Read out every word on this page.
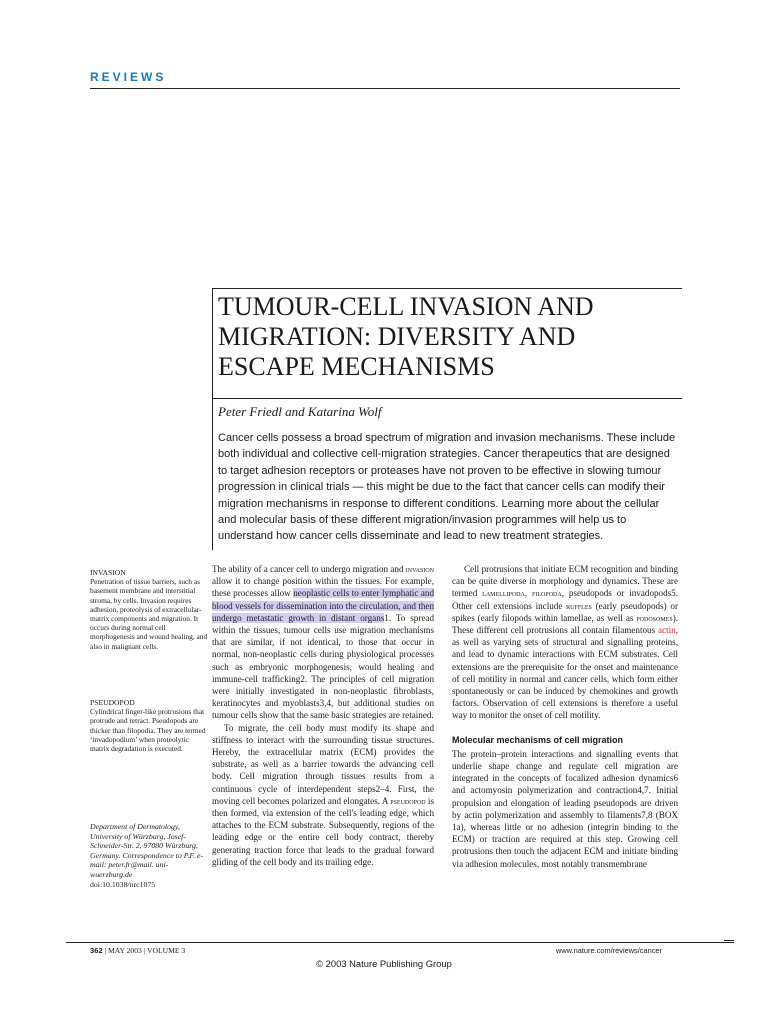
REVIEWS
TUMOUR-CELL INVASION AND MIGRATION: DIVERSITY AND ESCAPE MECHANISMS
Peter Friedl and Katarina Wolf
Cancer cells possess a broad spectrum of migration and invasion mechanisms. These include both individual and collective cell-migration strategies. Cancer therapeutics that are designed to target adhesion receptors or proteases have not proven to be effective in slowing tumour progression in clinical trials — this might be due to the fact that cancer cells can modify their migration mechanisms in response to different conditions. Learning more about the cellular and molecular basis of these different migration/invasion programmes will help us to understand how cancer cells disseminate and lead to new treatment strategies.
INVASION
Penetration of tissue barriers, such as basement membrane and interstitial stroma, by cells. Invasion requires adhesion, proteolysis of extracellular-matrix components and migration. It occurs during normal cell morphogenesis and wound healing, and also in malignant cells.
PSEUDOPOD
Cylindrical finger-like protrusions that protrude and retract. Pseudopods are thicker than filopodia. They are termed ‘invadopodium’ when proteolytic matrix degradation is executed.
Department of Dermatology, University of Würzburg, Josef-Schneider-Str. 2, 97080 Würzburg, Germany. Correspondence to P.F. e-mail: peter.fr@mail. uni-wuerzburg.de
doi:10.1038/nrc1075

The ability of a cancer cell to undergo migration and invasion allow it to change position within the tissues. For example, these processes allow neoplastic cells to enter lymphatic and blood vessels for dissemination into the circulation, and then undergo metastatic growth in distant organs1. To spread within the tissues, tumour cells use migration mechanisms that are similar, if not identical, to those that occur in normal, non-neoplastic cells during physiological processes such as embryonic morphogenesis, would healing and immune-cell trafficking2. The principles of cell migration were initially investigated in non-neoplastic fibroblasts, keratinocytes and myoblasts3,4, but additional studies on tumour cells show that the same basic strategies are retained.

To migrate, the cell body must modify its shape and stiffness to interact with the surrounding tissue structures. Hereby, the extracellular matrix (ECM) provides the substrate, as well as a barrier towards the advancing cell body. Cell migration through tissues results from a continuous cycle of interdependent steps2–4. First, the moving cell becomes polarized and elongates. A pseudopod is then formed, via extension of the cell's leading edge, which attaches to the ECM substrate. Subsequently, regions of the leading edge or the entire cell body contract, thereby generating traction force that leads to the gradual forward gliding of the cell body and its trailing edge.

Cell protrusions that initiate ECM recognition and binding can be quite diverse in morphology and dynamics. These are termed lamellipoda, filopoda, pseudopods or invadopods5. Other cell extensions include ruffles (early pseudopods) or spikes (early filopods within lamellae, as well as podosomes). These different cell protrusions all contain filamentous actin, as well as varying sets of structural and signalling proteins, and lead to dynamic interactions with ECM substrates. Cell extensions are the prerequisite for the onset and maintenance of cell motility in normal and cancer cells, which form either spontaneously or can be induced by chemokines and growth factors. Observation of cell extensions is therefore a useful way to monitor the onset of cell motility.

Molecular mechanisms of cell migration

The protein–protein interactions and signalling events that underlie shape change and regulate cell migration are integrated in the concepts of focalized adhesion dynamics6 and actomyosin polymerization and contraction4,7. Initial propulsion and elongation of leading pseudopods are driven by actin polymerization and assembly to filaments7,8 (BOX 1a), whereas little or no adhesion (integrin binding to the ECM) or traction are required at this step. Growing cell protrusions then touch the adjacent ECM and initiate binding via adhesion molecules, most notably transmembrane

362 | MAY 2003 | VOLUME 3	www.nature.com/reviews/cancer
© 2003 Nature Publishing Group
